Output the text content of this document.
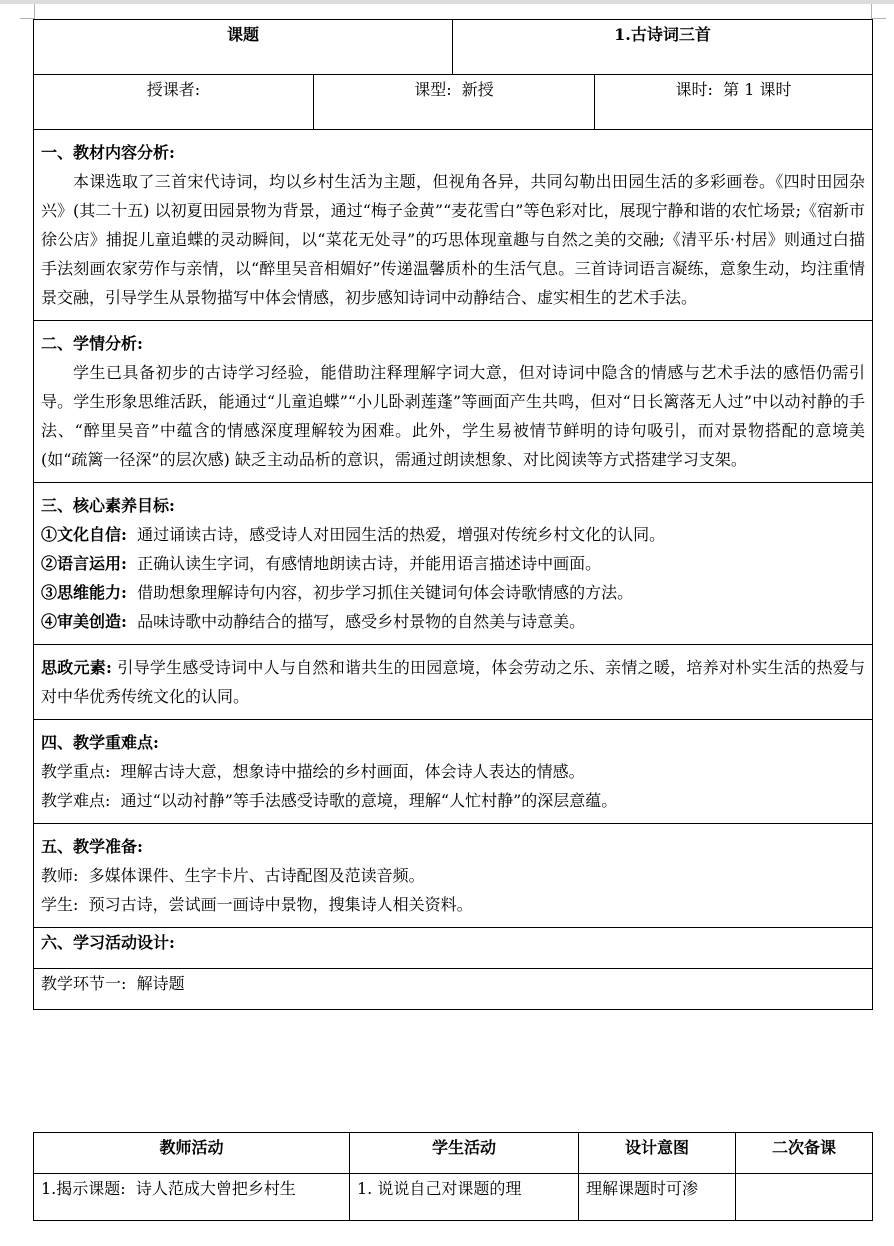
课题		1.古诗词三首	
授课者:	课型:  新授		课时:  第 1 课时

一、教材内容分析:
本课选取了三首宋代诗词，均以乡村生活为主题，但视角各异，共同勾勒出田园生活的多彩画卷。《四时田园杂兴》(其二十五) 以初夏田园景物为背景，通过“梅子金黄”“麦花雪白”等色彩对比，展现宁静和谐的农忙场景;《宿新市徐公店》捕捉儿童追蝶的灵动瞬间，以“菜花无处寻”的巧思体现童趣与自然之美的交融;《清平乐·村居》则通过白描手法刻画农家劳作与亲情，以“醉里吴音相媚好”传递温馨质朴的生活气息。三首诗词语言凝练，意象生动，均注重情景交融，引导学生从景物描写中体会情感，初步感知诗词中动静结合、虚实相生的艺术手法。			

二、学情分析:
学生已具备初步的古诗学习经验，能借助注释理解字词大意，但对诗词中隐含的情感与艺术手法的感悟仍需引导。学生形象思维活跃，能通过“儿童追蝶”“小儿卧剥莲蓬”等画面产生共鸣，但对“日长篱落无人过”中以动衬静的手法、“醉里吴音”中蕴含的情感深度理解较为困难。此外，学生易被情节鲜明的诗句吸引，而对景物搭配的意境美 (如“疏篱一径深”的层次感) 缺乏主动品析的意识，需通过朗读想象、对比阅读等方式搭建学习支架。			

三、核心素养目标:
①文化自信: 通过诵读古诗，感受诗人对田园生活的热爱，增强对传统乡村文化的认同。
②语言运用: 正确认读生字词，有感情地朗读古诗，并能用语言描述诗中画面。
③思维能力: 借助想象理解诗句内容，初步学习抓住关键词句体会诗歌情感的方法。
④审美创造: 品味诗歌中动静结合的描写，感受乡村景物的自然美与诗意美。			

思政元素: 引导学生感受诗词中人与自然和谐共生的田园意境，体会劳动之乐、亲情之暖，培养对朴实生活的热爱与对中华优秀传统文化的认同。			

四、教学重难点:
教学重点:  理解古诗大意，想象诗中描绘的乡村画面，体会诗人表达的情感。
教学难点:  通过“以动衬静”等手法感受诗歌的意境，理解“人忙村静”的深层意蕴。			

五、教学准备:
教师:  多媒体课件、生字卡片、古诗配图及范读音频。
学生:  预习古诗，尝试画一画诗中景物，搜集诗人相关资料。			

六、学习活动设计:			
教学环节一:  解诗题			
教师活动	学生活动	设计意图	二次备课
1.揭示课题:  诗人范成大曾把乡村生	1. 说说自己对课题的理	理解课题时可渗	
